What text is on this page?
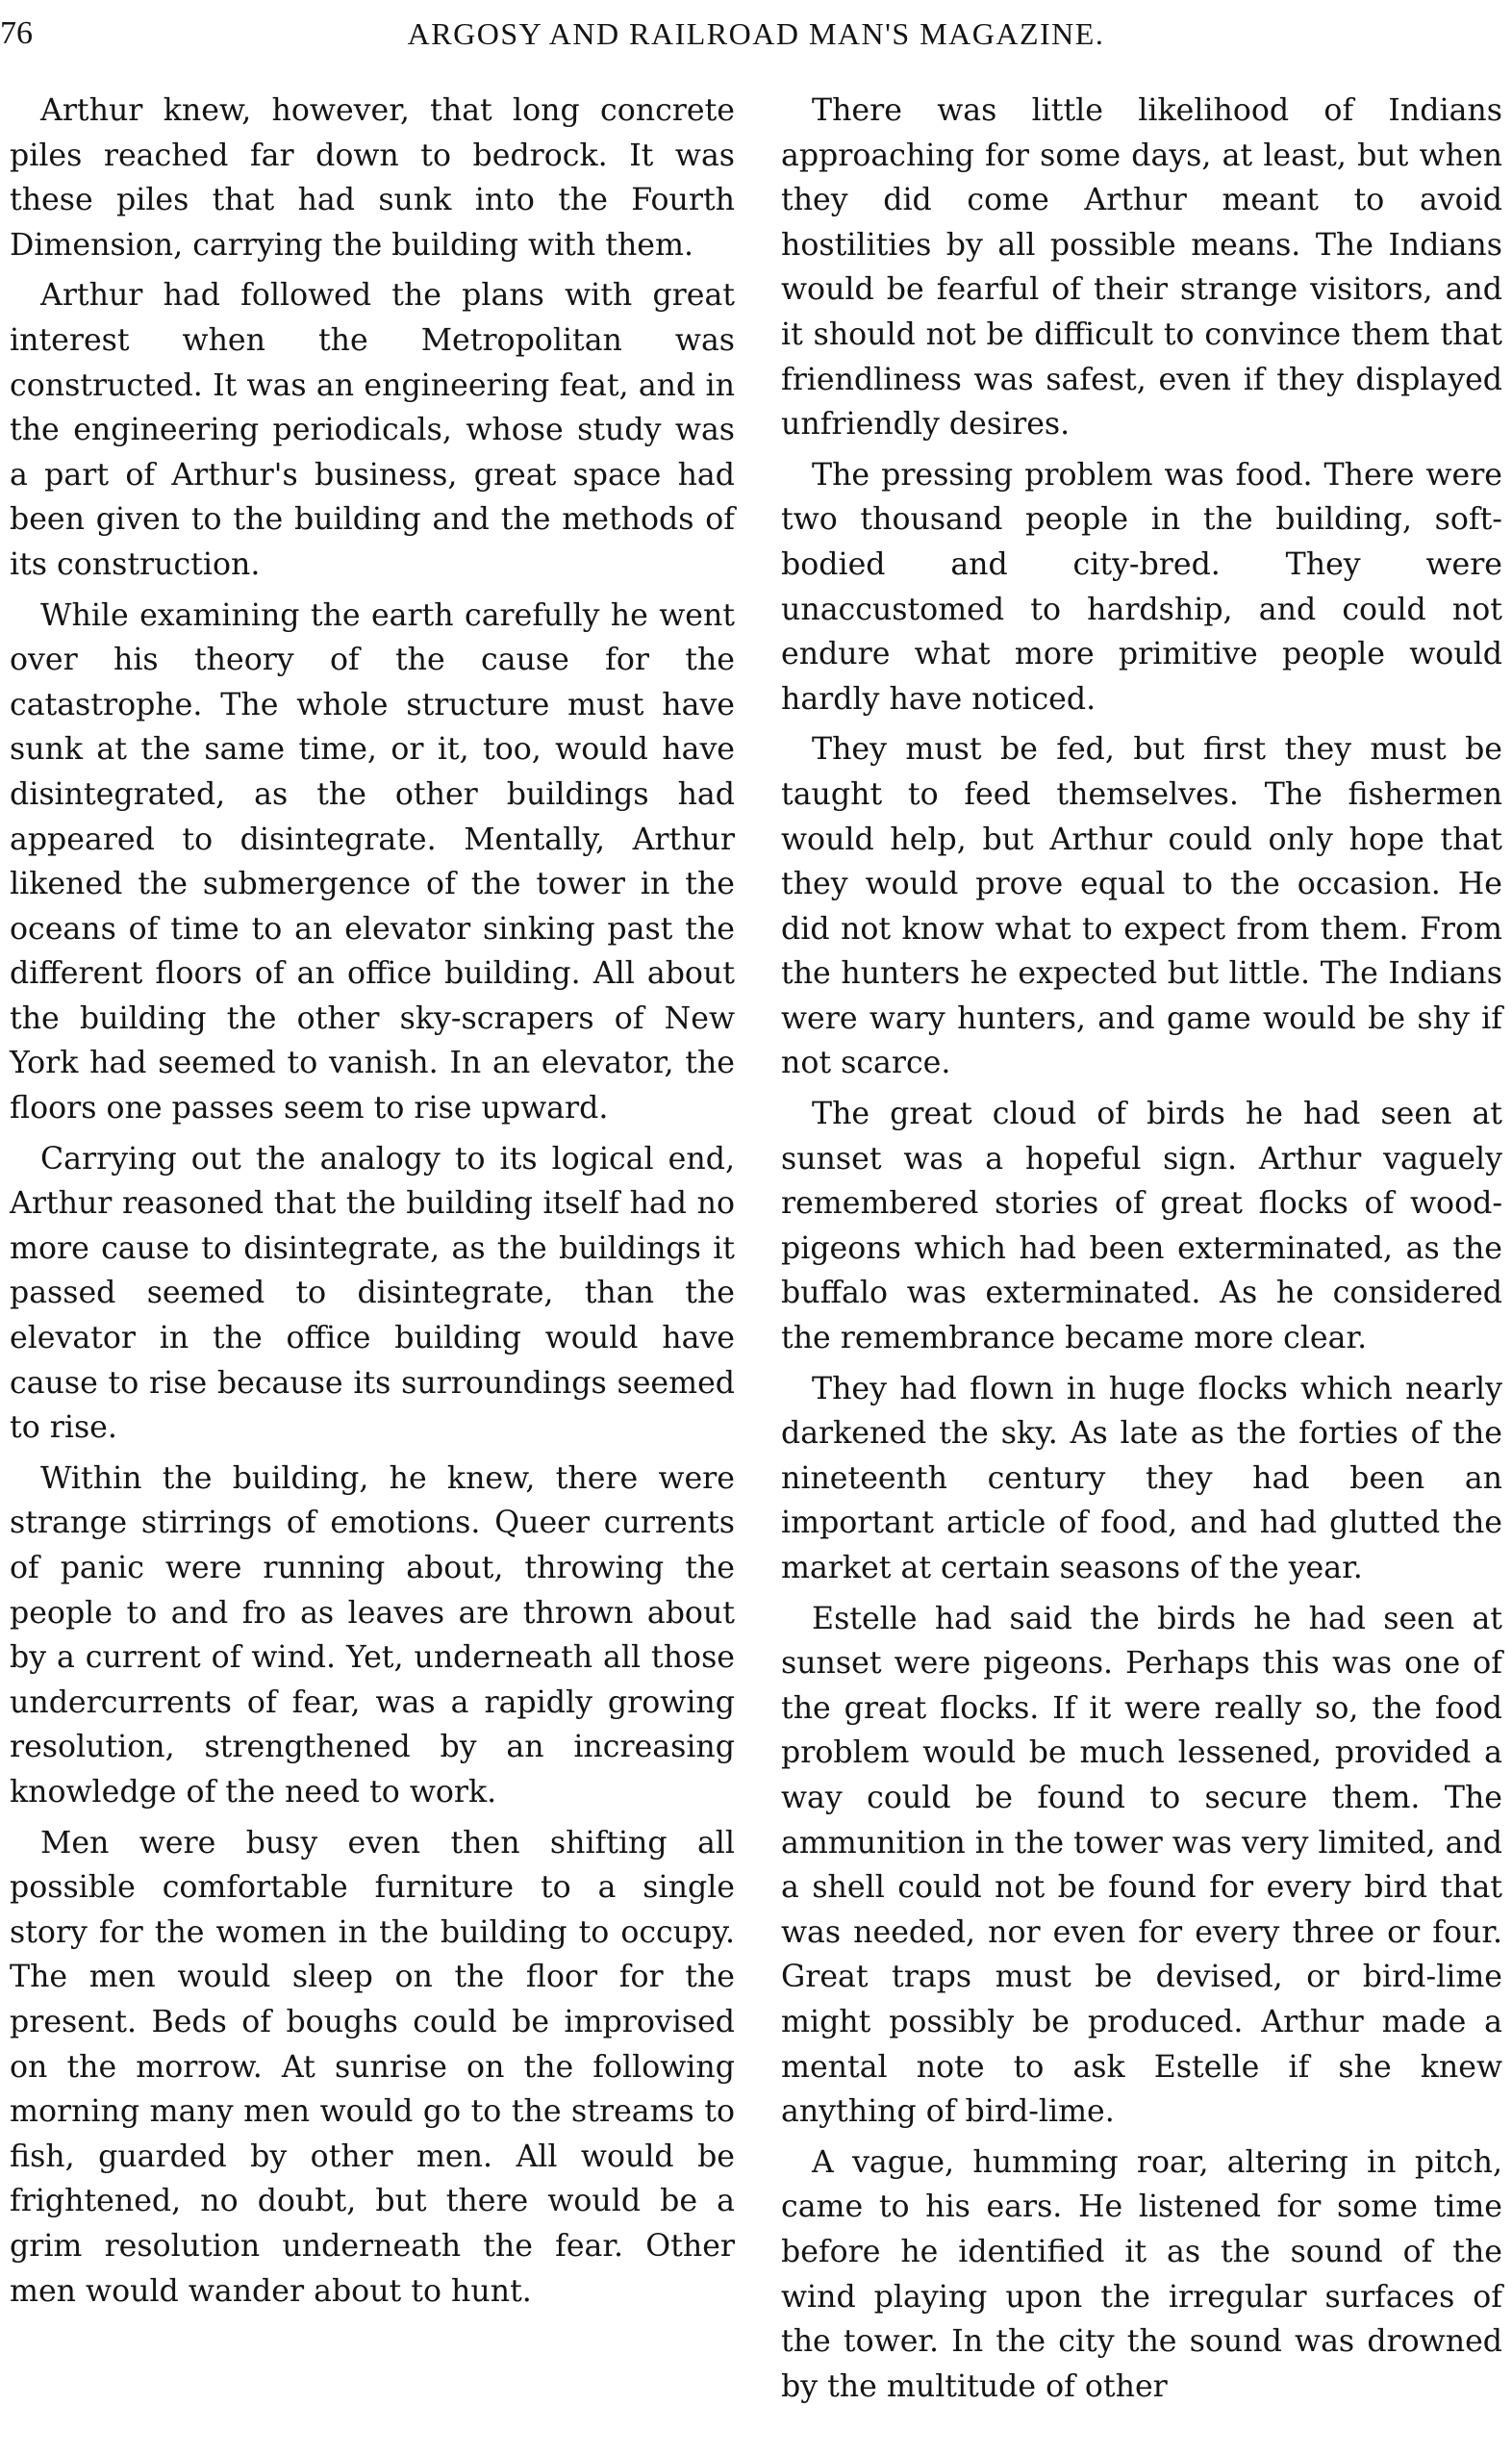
76	ARGOSY AND RAILROAD MAN'S MAGAZINE.

Arthur knew, however, that long concrete piles reached far down to bedrock. It was these piles that had sunk into the Fourth Dimension, carrying the building with them.

Arthur had followed the plans with great interest when the Metropolitan was constructed. It was an engineering feat, and in the engineering periodicals, whose study was a part of Arthur's business, great space had been given to the building and the methods of its construction.

While examining the earth carefully he went over his theory of the cause for the catastrophe. The whole structure must have sunk at the same time, or it, too, would have disintegrated, as the other buildings had appeared to disintegrate. Mentally, Arthur likened the submergence of the tower in the oceans of time to an elevator sinking past the different floors of an office building. All about the building the other sky-scrapers of New York had seemed to vanish. In an elevator, the floors one passes seem to rise upward.

Carrying out the analogy to its logical end, Arthur reasoned that the building itself had no more cause to disintegrate, as the buildings it passed seemed to disintegrate, than the elevator in the office building would have cause to rise because its surroundings seemed to rise.

Within the building, he knew, there were strange stirrings of emotions. Queer currents of panic were running about, throwing the people to and fro as leaves are thrown about by a current of wind. Yet, underneath all those undercurrents of fear, was a rapidly growing resolution, strengthened by an increasing knowledge of the need to work.

Men were busy even then shifting all possible comfortable furniture to a single story for the women in the building to occupy. The men would sleep on the floor for the present. Beds of boughs could be improvised on the morrow. At sunrise on the following morning many men would go to the streams to fish, guarded by other men. All would be frightened, no doubt, but there would be a grim resolution underneath the fear. Other men would wander about to hunt.

There was little likelihood of Indians approaching for some days, at least, but when they did come Arthur meant to avoid hostilities by all possible means. The Indians would be fearful of their strange visitors, and it should not be difficult to convince them that friendliness was safest, even if they displayed unfriendly desires.

The pressing problem was food. There were two thousand people in the building, soft-bodied and city-bred. They were unaccustomed to hardship, and could not endure what more primitive people would hardly have noticed.

They must be fed, but first they must be taught to feed themselves. The fishermen would help, but Arthur could only hope that they would prove equal to the occasion. He did not know what to expect from them. From the hunters he expected but little. The Indians were wary hunters, and game would be shy if not scarce.

The great cloud of birds he had seen at sunset was a hopeful sign. Arthur vaguely remembered stories of great flocks of wood-pigeons which had been exterminated, as the buffalo was exterminated. As he considered the remembrance became more clear.

They had flown in huge flocks which nearly darkened the sky. As late as the forties of the nineteenth century they had been an important article of food, and had glutted the market at certain seasons of the year.

Estelle had said the birds he had seen at sunset were pigeons. Perhaps this was one of the great flocks. If it were really so, the food problem would be much lessened, provided a way could be found to secure them. The ammunition in the tower was very limited, and a shell could not be found for every bird that was needed, nor even for every three or four. Great traps must be devised, or bird-lime might possibly be produced. Arthur made a mental note to ask Estelle if she knew anything of bird-lime.

A vague, humming roar, altering in pitch, came to his ears. He listened for some time before he identified it as the sound of the wind playing upon the irregular surfaces of the tower. In the city the sound was drowned by the multitude of other
